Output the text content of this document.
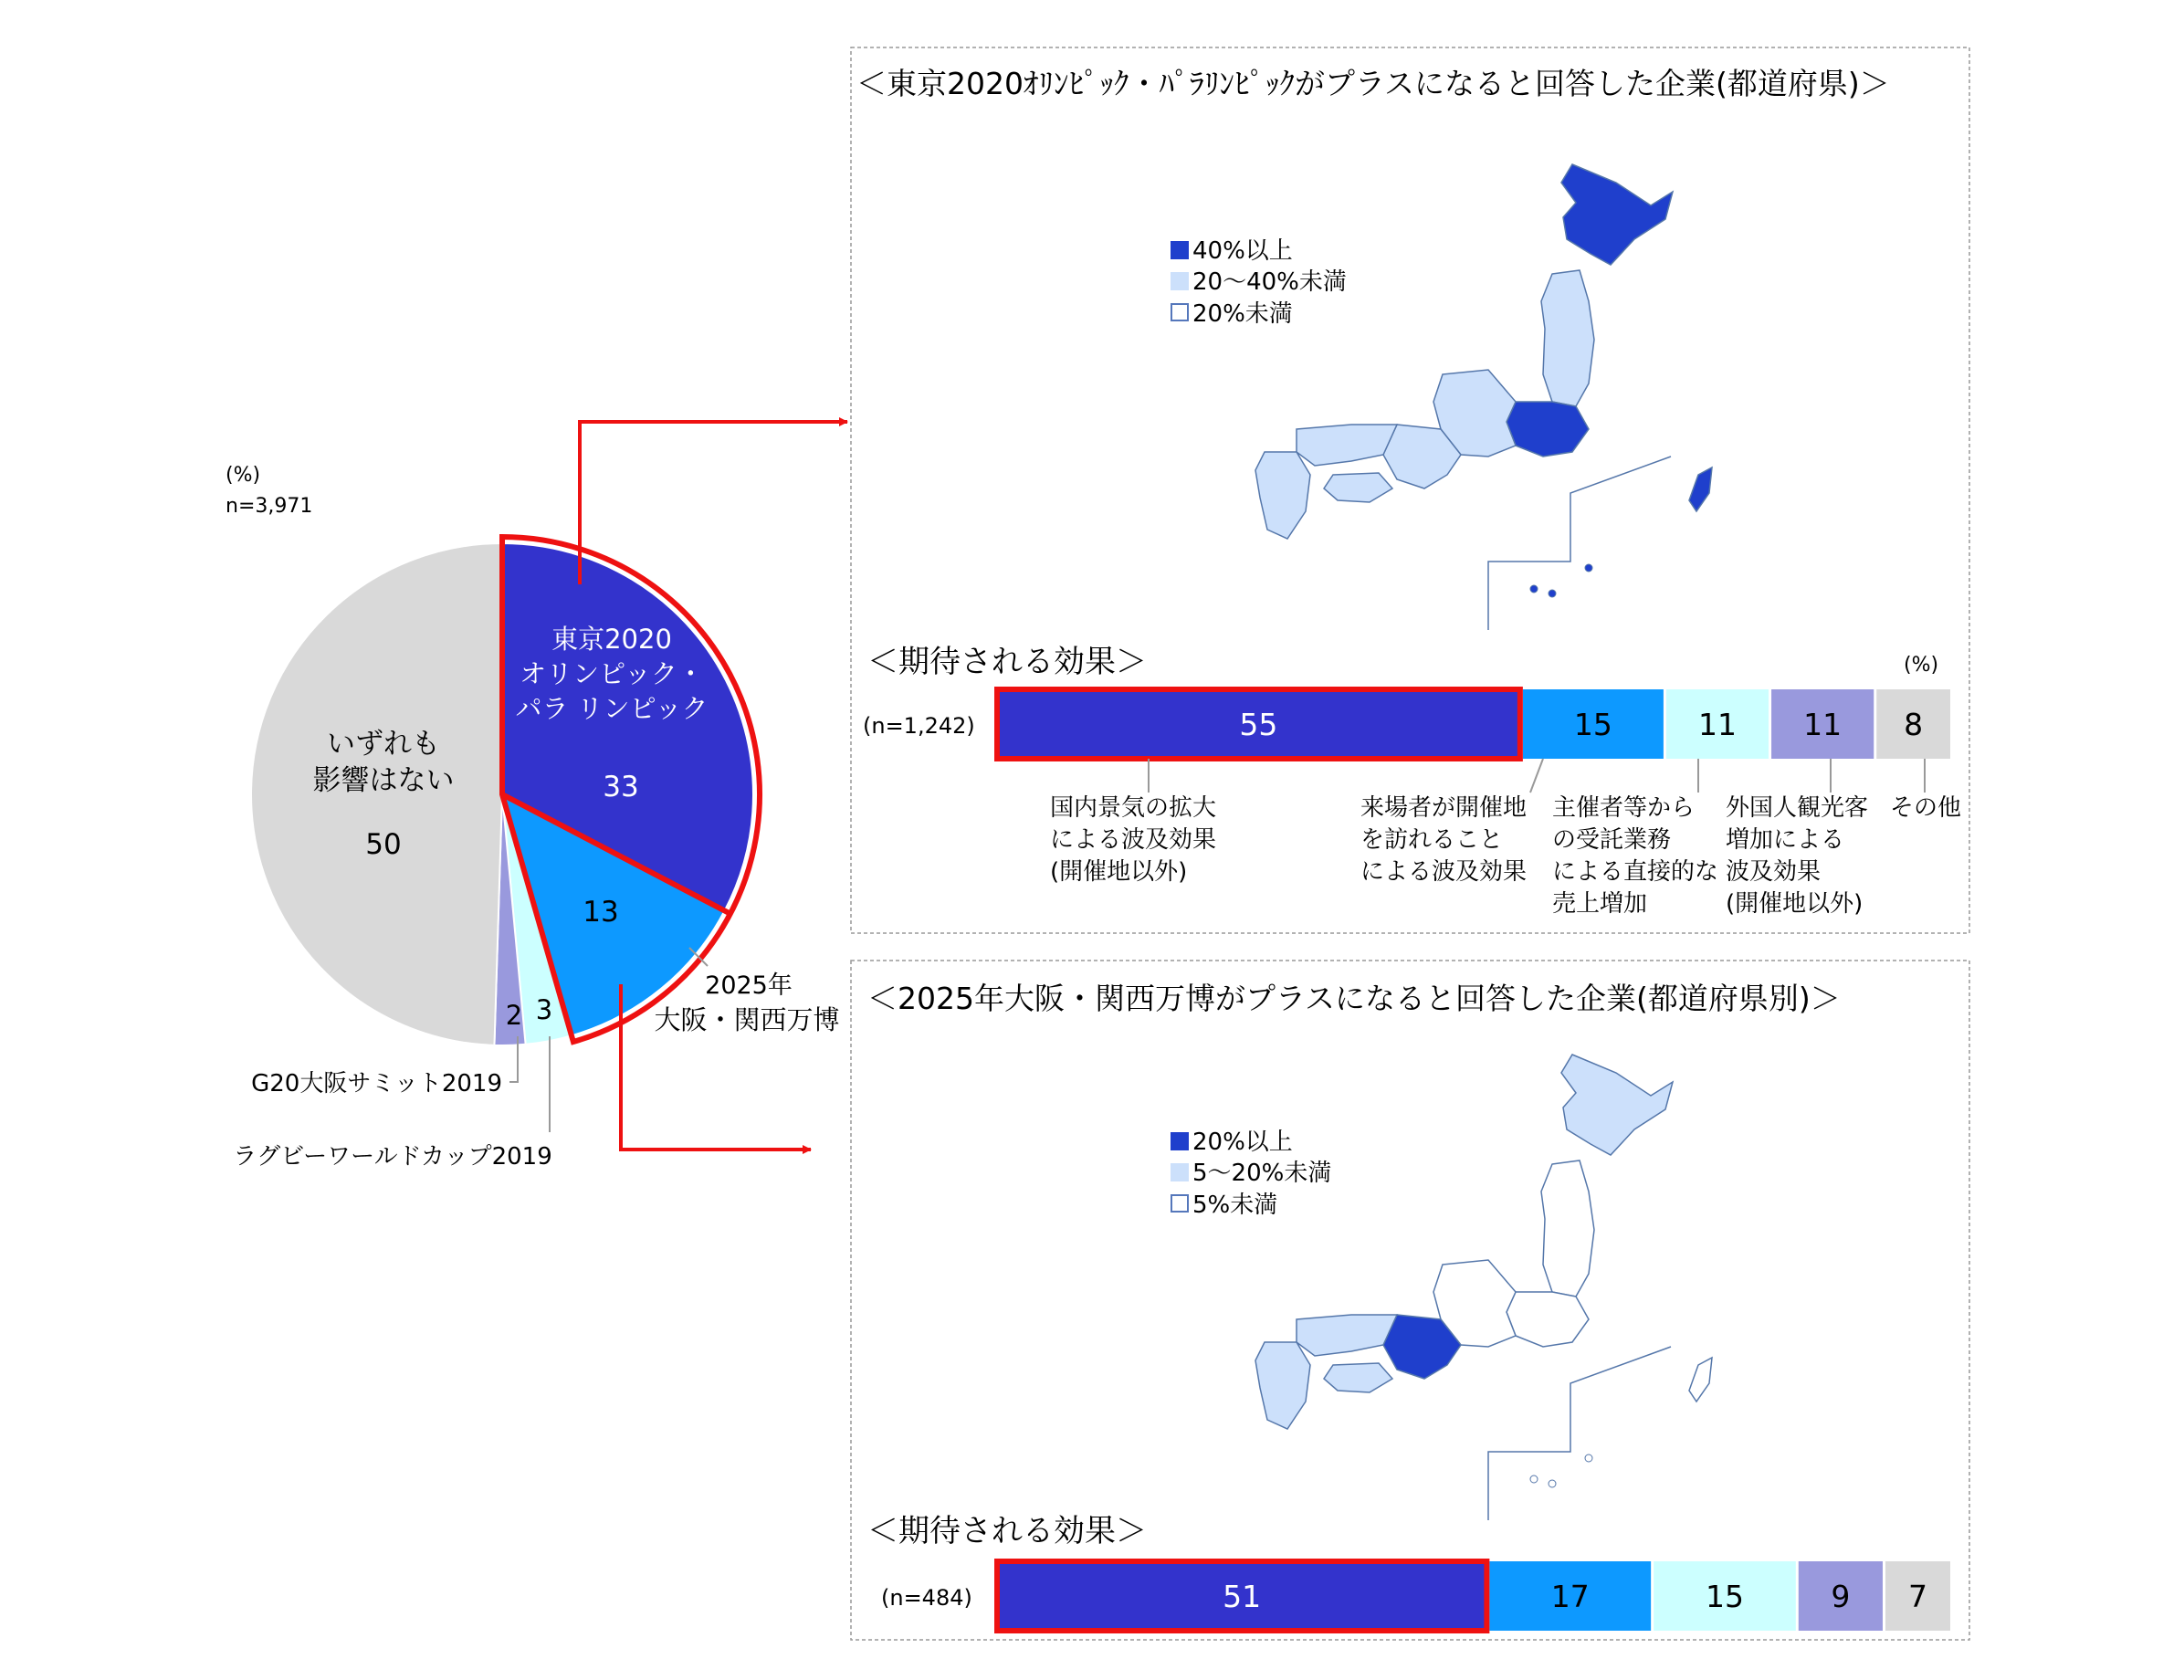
(%)
n=3,971
東京2020
オリンピック・
パラ リンピック
33
13
いずれも
影響はない
50
3
2
2025年
大阪・関西万博
G20大阪サミット2019
ラグビーワールドカップ2019
＜東京2020ｵﾘﾝﾋﾟｯｸ・ﾊﾟﾗﾘﾝﾋﾟｯｸがプラスになると回答した企業(都道府県)＞
40%以上
20～40%未満
20%未満
＜期待される効果＞	(%)
(n=1,242)	55	15	11 11 8
国内景気の拡大
による波及効果
(開催地以外)
来場者が開催地
を訪れること
による波及効果
主催者等から
の受託業務
による直接的な
売上増加
外国人観光客
増加による
波及効果
(開催地以外)
その他
＜2025年大阪・関西万博がプラスになると回答した企業(都道府県別)＞
20%以上
5～20%未満
5%未満
＜期待される効果＞
(n=484)	51	17	15	9 7
